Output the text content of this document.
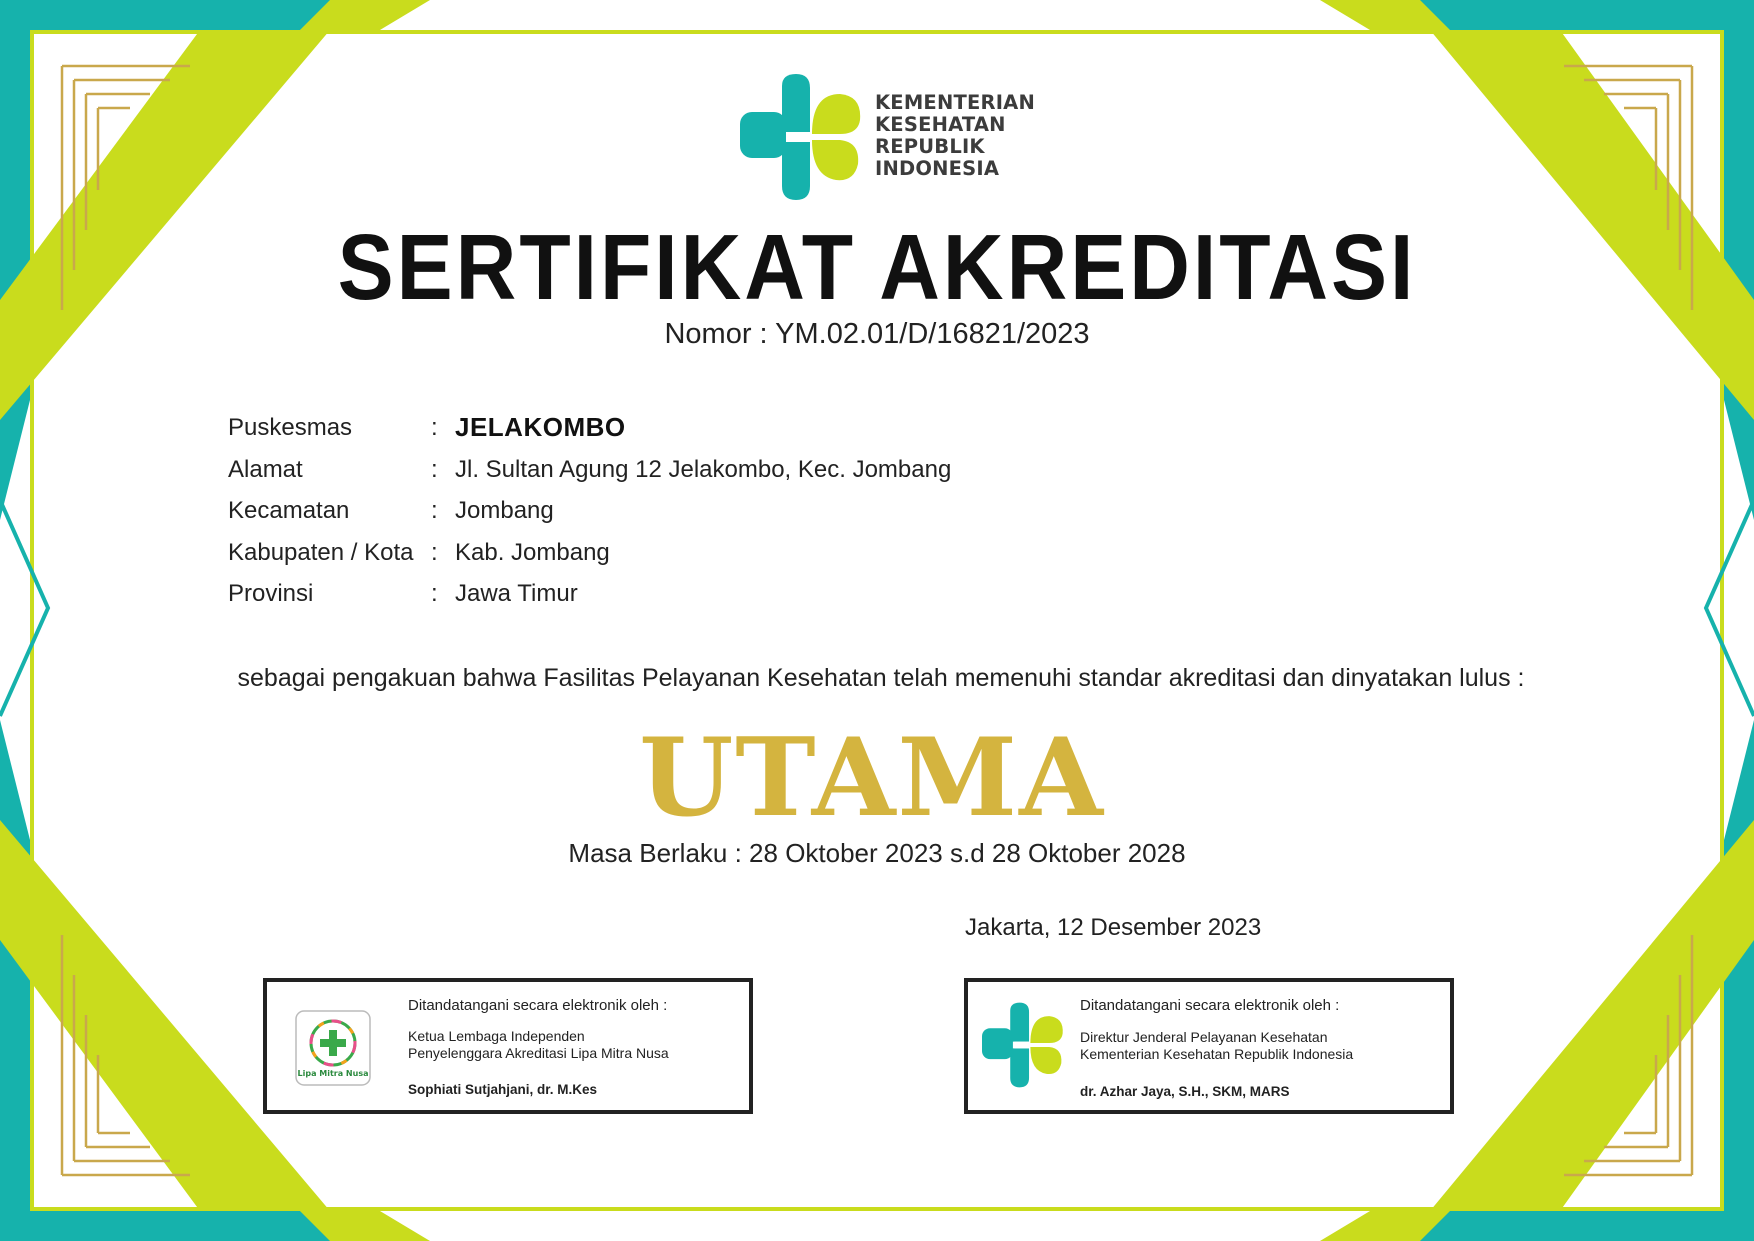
KEMENTERIAN
KESEHATAN
REPUBLIK
INDONESIA
SERTIFIKAT AKREDITASI
Nomor : YM.02.01/D/16821/2023
Puskesmas	: JELAKOMBO
Alamat	: Jl. Sultan Agung 12 Jelakombo, Kec. Jombang
Kecamatan	: Jombang
Kabupaten / Kota : Kab. Jombang
Provinsi	: Jawa Timur
sebagai pengakuan bahwa Fasilitas Pelayanan Kesehatan telah memenuhi standar akreditasi dan dinyatakan lulus :
UTAMA
Masa Berlaku : 28 Oktober 2023 s.d 28 Oktober 2028
Jakarta, 12 Desember 2023
Lipa Mitra Nusa
Ditandatangani secara elektronik oleh :
Ketua Lembaga Independen
Penyelenggara Akreditasi Lipa Mitra Nusa
Sophiati Sutjahjani, dr. M.Kes
Ditandatangani secara elektronik oleh :
Direktur Jenderal Pelayanan Kesehatan
Kementerian Kesehatan Republik Indonesia
dr. Azhar Jaya, S.H., SKM, MARS
